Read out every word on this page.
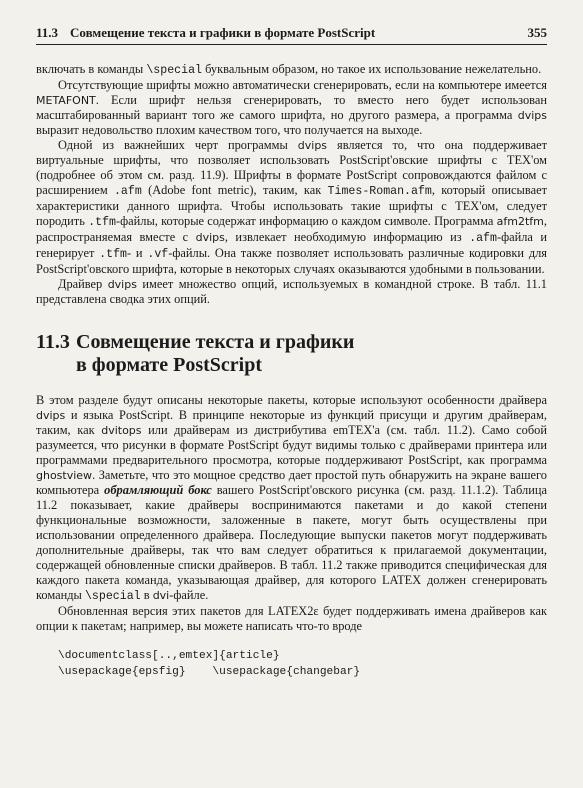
11.3 Совмещение текста и графики в формате PostScript	355

включать в команды \special буквальным образом, но такое их использование нежелательно.

Отсутствующие шрифты можно автоматически сгенерировать, если на компьютере имеется METAFONT. Если шрифт нельзя сгенерировать, то вместо него будет использован масштабированный вариант того же самого шрифта, но другого размера, а программа dvips выразит недовольство плохим качеством того, что получается на выходе.

Одной из важнейших черт программы dvips является то, что она поддерживает виртуальные шрифты, что позволяет использовать PostScript'овские шрифты с TEX'ом (подробнее об этом см. разд. 11.9). Шрифты в формате PostScript сопровождаются файлом с расширением .afm (Adobe font metric), таким, как Times-Roman.afm, который описывает характеристики данного шрифта. Чтобы использовать такие шрифты с TEX'ом, следует породить .tfm-файлы, которые содержат информацию о каждом символе. Программа afm2tfm, распространяемая вместе с dvips, извлекает необходимую информацию из .afm-файла и генерирует .tfm- и .vf-файлы. Она также позволяет использовать различные кодировки для PostScript'овского шрифта, которые в некоторых случаях оказываются удобными в пользовании.

Драйвер dvips имеет множество опций, используемых в командной строке. В табл. 11.1 представлена сводка этих опций.

11.3 Совмещение текста и графики
в формате PostScript

В этом разделе будут описаны некоторые пакеты, которые используют особенности драйвера dvips и языка PostScript. В принципе некоторые из функций присущи и другим драйверам, таким, как dvitops или драйверам из дистрибутива emTEX'а (см. табл. 11.2). Само собой разумеется, что рисунки в формате PostScript будут видимы только с драйверами принтера или программами предварительного просмотра, которые поддерживают PostScript, как программа ghostview. Заметьте, что это мощное средство дает простой путь обнаружить на экране вашего компьютера обрамляющий бокс вашего PostScript'овского рисунка (см. разд. 11.1.2). Таблица 11.2 показывает, какие драйверы воспринимаются пакетами и до какой степени функциональные возможности, заложенные в пакете, могут быть осуществлены при использовании определенного драйвера. Последующие выпуски пакетов могут поддерживать дополнительные драйверы, так что вам следует обратиться к прилагаемой документации, содержащей обновленные списки драйверов. В табл. 11.2 также приводится специфическая для каждого пакета команда, указывающая драйвер, для которого LATEX должен сгенерировать команды \special в dvi-файле.

Обновленная версия этих пакетов для LATEX2ε будет поддерживать имена драйверов как опции к пакетам; например, вы можете написать что-то вроде

\documentclass[..,emtex]{article}
\usepackage{epsfig}    \usepackage{changebar}
